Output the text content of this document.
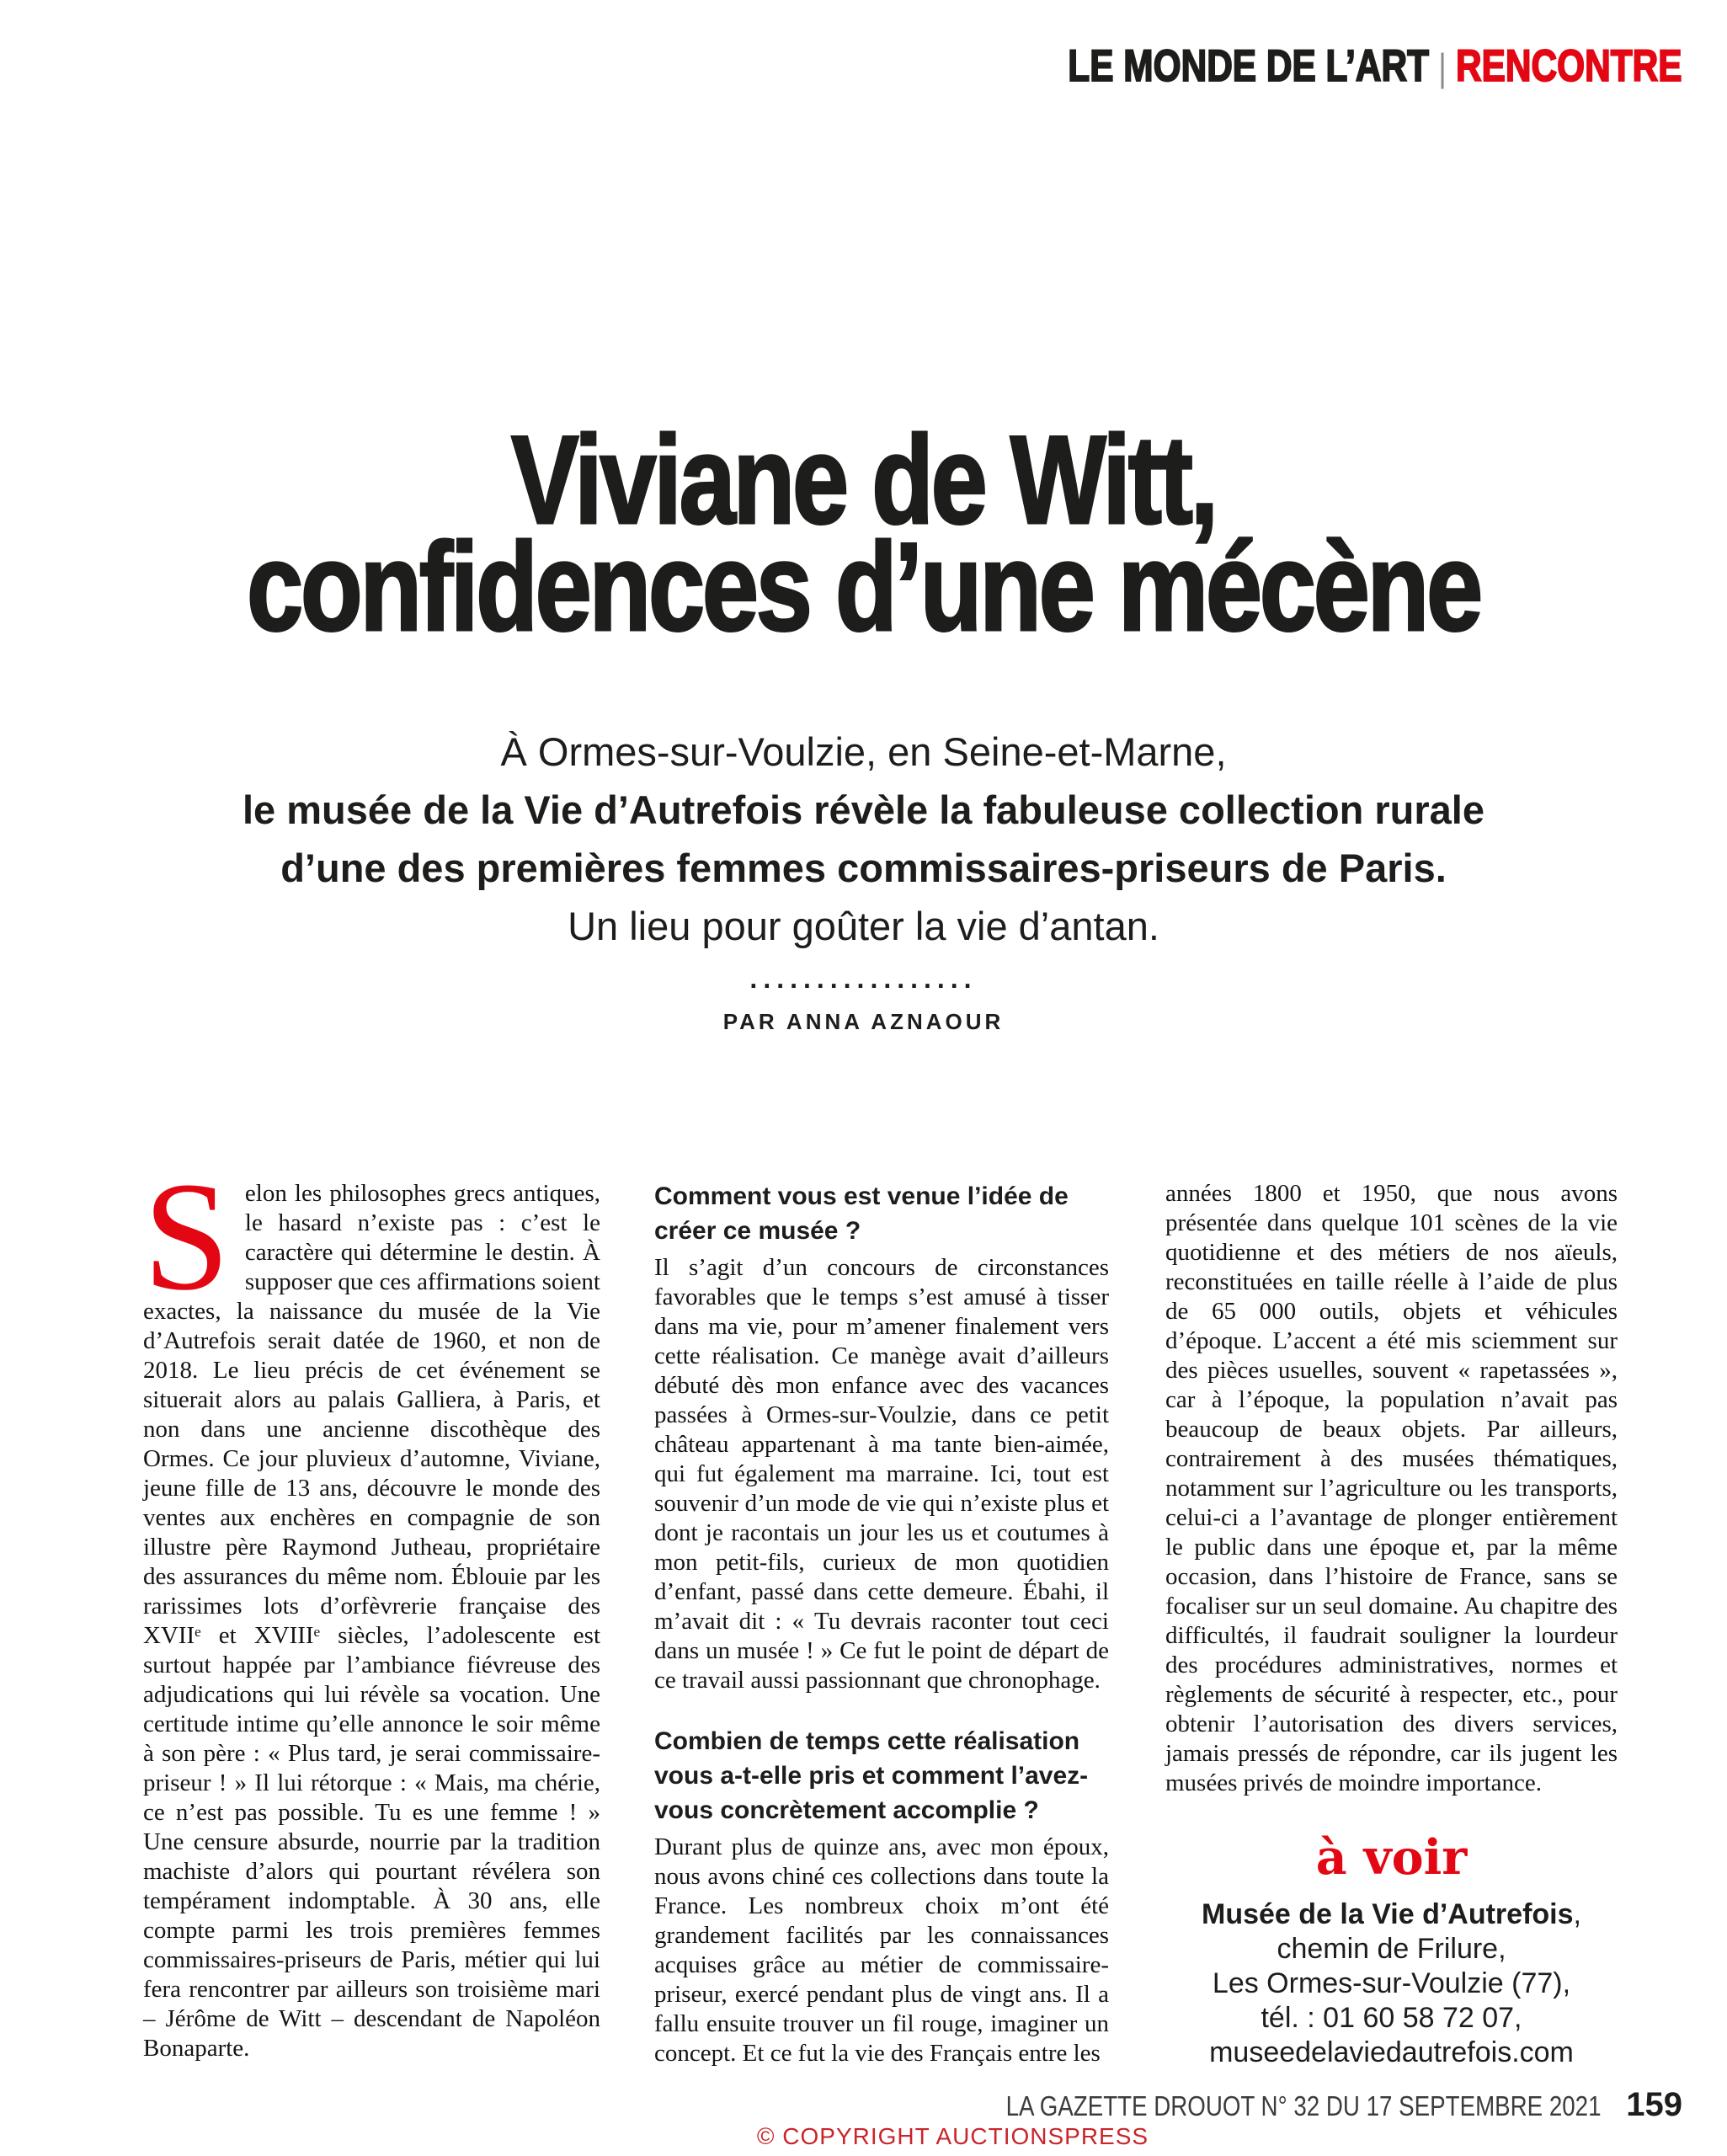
LE MONDE DE L’ART | RENCONTRE
Viviane de Witt,
confidences d’une mécène
À Ormes-sur-Voulzie, en Seine-et-Marne,
le musée de la Vie d’Autrefois révèle la fabuleuse collection rurale
d’une des premières femmes commissaires-priseurs de Paris.
Un lieu pour goûter la vie d’antan.
.................
PAR ANNA AZNAOUR

Selon les philosophes grecs antiques, le hasard n’existe pas : c’est le caractère qui détermine le destin. À supposer que ces affirmations soient exactes, la naissance du musée de la Vie d’Autrefois serait datée de 1960, et non de 2018. Le lieu précis de cet événement se situerait alors au palais Galliera, à Paris, et non dans une ancienne discothèque des Ormes. Ce jour pluvieux d’automne, Viviane, jeune fille de 13 ans, découvre le monde des ventes aux enchères en compagnie de son illustre père Raymond Jutheau, propriétaire des assurances du même nom. Éblouie par les rarissimes lots d’orfèvrerie française des XVIIᵉ et XVIIIᵉ siècles, l’adolescente est surtout happée par l’ambiance fiévreuse des adjudications qui lui révèle sa vocation. Une certitude intime qu’elle annonce le soir même à son père : « Plus tard, je serai commissaire-priseur ! » Il lui rétorque : « Mais, ma chérie, ce n’est pas possible. Tu es une femme ! » Une censure absurde, nourrie par la tradition machiste d’alors qui pourtant révélera son tempérament indomptable. À 30 ans, elle compte parmi les trois premières femmes commissaires-priseurs de Paris, métier qui lui fera rencontrer par ailleurs son troisième mari – Jérôme de Witt – descendant de Napoléon Bonaparte.

Comment vous est venue l’idée de créer ce musée ?

Il s’agit d’un concours de circonstances favorables que le temps s’est amusé à tisser dans ma vie, pour m’amener finalement vers cette réalisation. Ce manège avait d’ailleurs débuté dès mon enfance avec des vacances passées à Ormes-sur-Voulzie, dans ce petit château appartenant à ma tante bien-aimée, qui fut également ma marraine. Ici, tout est souvenir d’un mode de vie qui n’existe plus et dont je racontais un jour les us et coutumes à mon petit-fils, curieux de mon quotidien d’enfant, passé dans cette demeure. Ébahi, il m’avait dit : « Tu devrais raconter tout ceci dans un musée ! » Ce fut le point de départ de ce travail aussi passionnant que chronophage.

Combien de temps cette réalisation vous a-t-elle pris et comment l’avez-vous concrètement accomplie ?

Durant plus de quinze ans, avec mon époux, nous avons chiné ces collections dans toute la France. Les nombreux choix m’ont été grandement facilités par les connaissances acquises grâce au métier de commissaire-priseur, exercé pendant plus de vingt ans. Il a fallu ensuite trouver un fil rouge, imaginer un concept. Et ce fut la vie des Français entre les

années 1800 et 1950, que nous avons présentée dans quelque 101 scènes de la vie quotidienne et des métiers de nos aïeuls, reconstituées en taille réelle à l’aide de plus de 65 000 outils, objets et véhicules d’époque. L’accent a été mis sciemment sur des pièces usuelles, souvent « rapetassées », car à l’époque, la population n’avait pas beaucoup de beaux objets. Par ailleurs, contrairement à des musées thématiques, notamment sur l’agriculture ou les transports, celui-ci a l’avantage de plonger entièrement le public dans une époque et, par la même occasion, dans l’histoire de France, sans se focaliser sur un seul domaine. Au chapitre des difficultés, il faudrait souligner la lourdeur des procédures administratives, normes et règlements de sécurité à respecter, etc., pour obtenir l’autorisation des divers services, jamais pressés de répondre, car ils jugent les musées privés de moindre importance.

à voir
Musée de la Vie d’Autrefois,
chemin de Frilure,
Les Ormes-sur-Voulzie (77),
tél. : 01 60 58 72 07,
museedelaviedautrefois.com
LA GAZETTE DROUOT N° 32 DU 17 SEPTEMBRE 2021 159
© COPYRIGHT AUCTIONSPRESS
